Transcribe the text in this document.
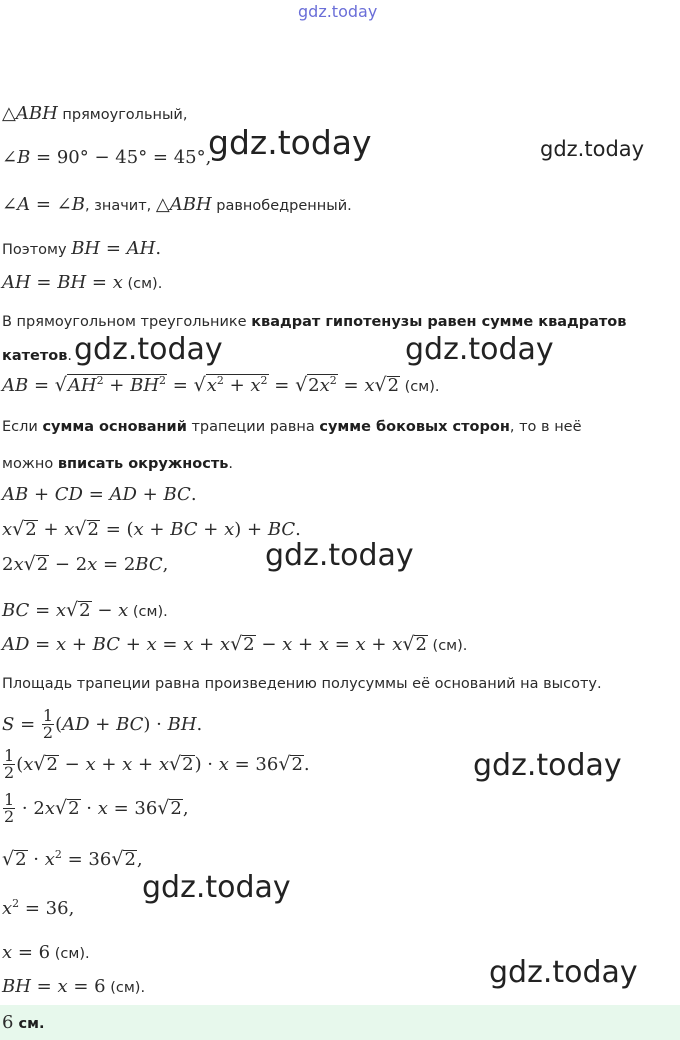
gdz.today
△ABH прямоугольный,
∠B = 90° − 45° = 45°,
∠A = ∠B, значит, △ABH равнобедренный.
Поэтому BH = AH.
AH = BH = x (см).
В прямоугольном треугольнике квадрат гипотенузы равен сумме квадратов
катетов.
AB = $√AH^2 + BH^2 = √x^2 + x^2 = √2x^2 = x√2$ (см).
Если сумма оснований трапеции равна сумме боковых сторон, то в неё
можно вписать окружность.
AB + CD = AD + BC.
x√2 + x√2 = (x + BC + x) + BC.
2x√2 − 2x = 2BC,
BC = x√2 − x (см).
AD = x + BC + x = x + x√2 − x + x = x + x√2 (см).
Площадь трапеции равна произведению полусуммы её оснований на высоту.
$S = \frac{1}{2} (AD + BC)$ · BH.
$\frac{1}{2} (x√2 - x + x + x√2) \cdot x = 36√2$.
$\frac{1}{2} \cdot 2x√2 \cdot x = 36√2$,
$√2 \cdot x^2 = 36√2$,
$x^2 = 36$,
x = 6 (см).
BH = x = 6 (см).
6 см.
gdz.today	gdz.today
gdz.today	gdz.today
gdz.today
gdz.today
gdz.today
gdz.today
